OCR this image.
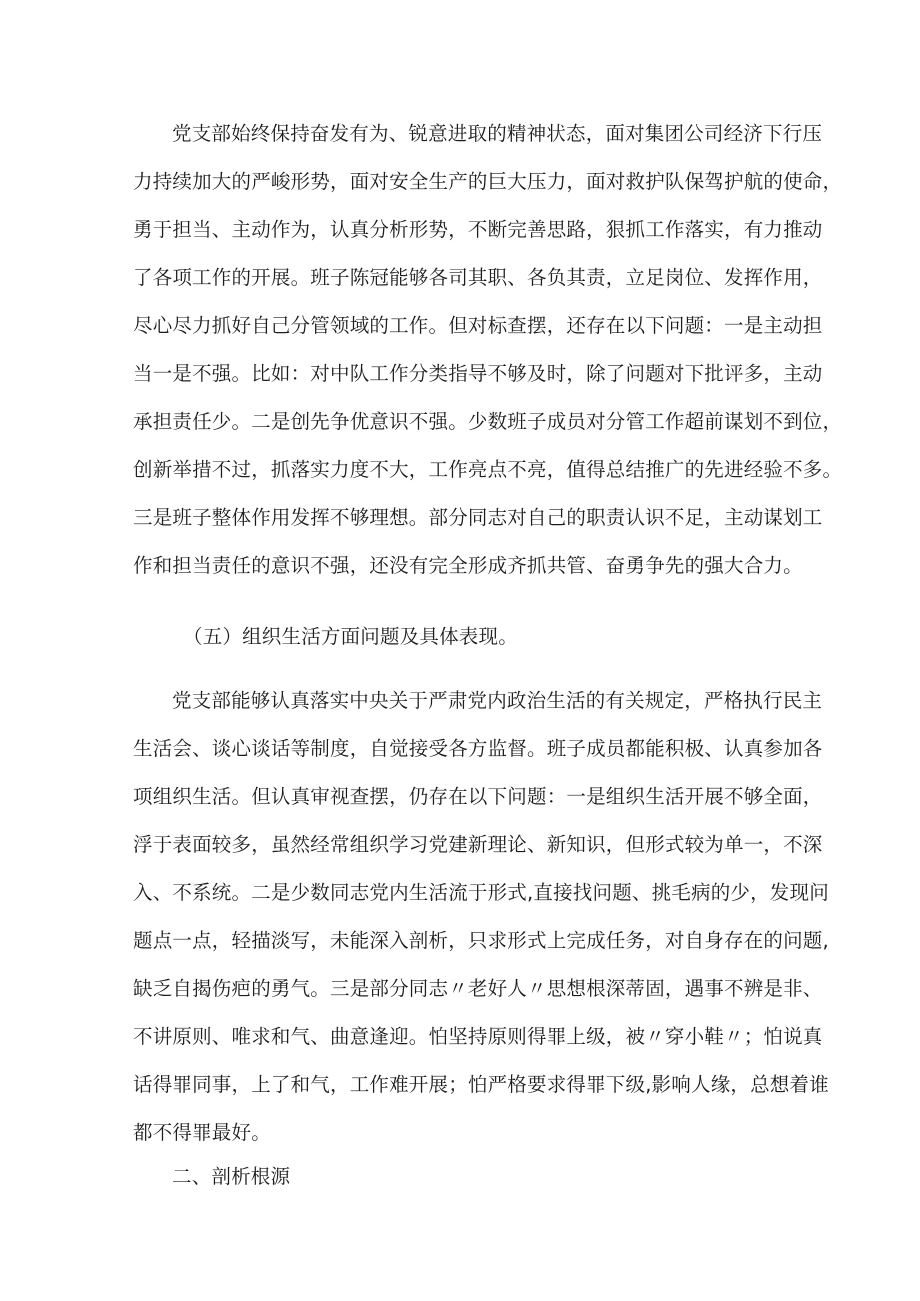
党支部始终保持奋发有为、锐意进取的精神状态，面对集团公司经济下行压
力持续加大的严峻形势，面对安全生产的巨大压力，面对救护队保驾护航的使命，
勇于担当、主动作为，认真分析形势，不断完善思路，狠抓工作落实，有力推动
了各项工作的开展。班子陈冠能够各司其职、各负其责，立足岗位、发挥作用，
尽心尽力抓好自己分管领域的工作。但对标查摆，还存在以下问题：一是主动担
当一是不强。比如：对中队工作分类指导不够及时，除了问题对下批评多，主动
承担责任少。二是创先争优意识不强。少数班子成员对分管工作超前谋划不到位，
创新举措不过，抓落实力度不大，工作亮点不亮，值得总结推广的先进经验不多。
三是班子整体作用发挥不够理想。部分同志对自己的职责认识不足，主动谋划工
作和担当责任的意识不强，还没有完全形成齐抓共管、奋勇争先的强大合力。
（五）组织生活方面问题及具体表现。
党支部能够认真落实中央关于严肃党内政治生活的有关规定，严格执行民主
生活会、谈心谈话等制度，自觉接受各方监督。班子成员都能积极、认真参加各
项组织生活。但认真审视查摆，仍存在以下问题：一是组织生活开展不够全面，
浮于表面较多，虽然经常组织学习党建新理论、新知识，但形式较为单一，不深
入、不系统。二是少数同志党内生活流于形式,直接找问题、挑毛病的少，发现问
题点一点，轻描淡写，未能深入剖析，只求形式上完成任务，对自身存在的问题,
缺乏自揭伤疤的勇气。三是部分同志〃老好人〃思想根深蒂固，遇事不辨是非、
不讲原则、唯求和气、曲意逢迎。怕坚持原则得罪上级，被〃穿小鞋〃；怕说真
话得罪同事，上了和气，工作难开展；怕严格要求得罪下级,影响人缘，总想着谁
都不得罪最好。
二、剖析根源
